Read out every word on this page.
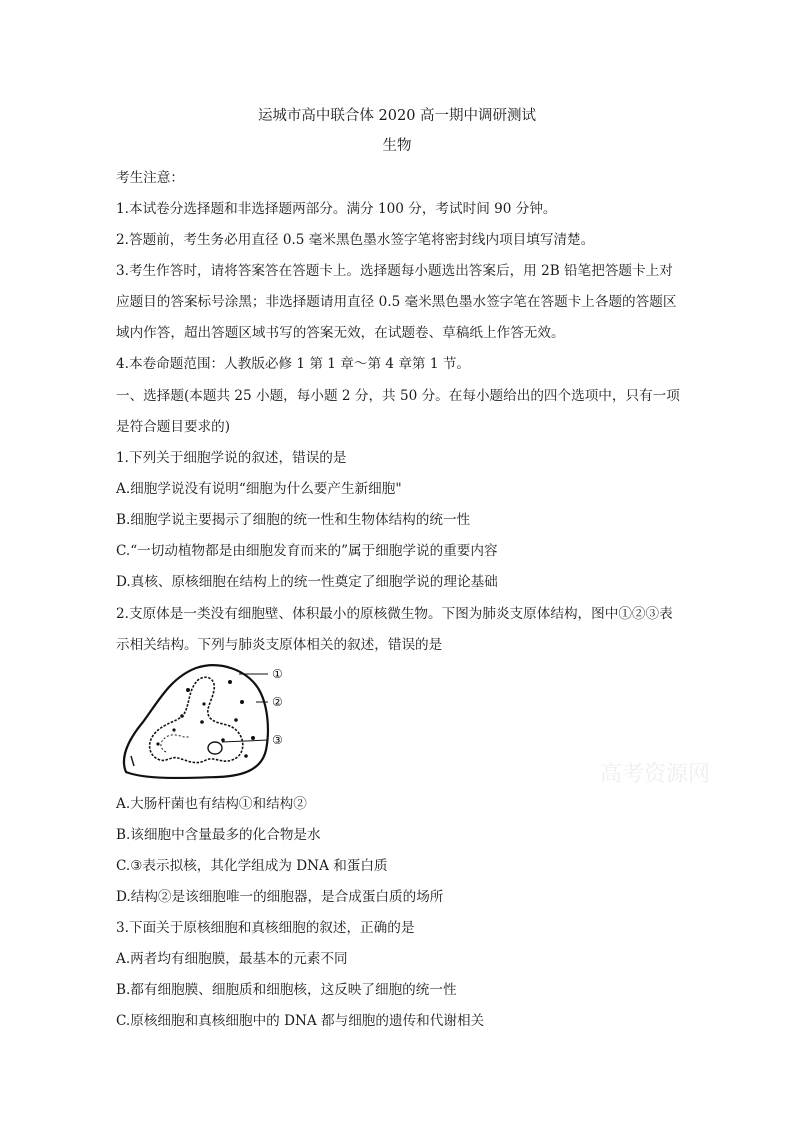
运城市高中联合体 2020 高一期中调研测试
生物
考生注意：
1.本试卷分选择题和非选择题两部分。满分 100 分，考试时间 90 分钟。
2.答题前，考生务必用直径 0.5 毫米黑色墨水签字笔将密封线内项目填写清楚。
3.考生作答时，请将答案答在答题卡上。选择题每小题选出答案后，用 2B 铅笔把答题卡上对
应题目的答案标号涂黑；非选择题请用直径 0.5 毫米黑色墨水签字笔在答题卡上各题的答题区
域内作答，超出答题区域书写的答案无效，在试题卷、草稿纸上作答无效。
4.本卷命题范围：人教版必修 1 第 1 章～第 4 章第 1 节。
一、选择题(本题共 25 小题，每小题 2 分，共 50 分。在每小题给出的四个选项中，只有一项
是符合题目要求的)
1.下列关于细胞学说的叙述，错误的是
A.细胞学说没有说明“细胞为什么要产生新细胞"
B.细胞学说主要揭示了细胞的统一性和生物体结构的统一性
C.“一切动植物都是由细胞发育而来的”属于细胞学说的重要内容
D.真核、原核细胞在结构上的统一性奠定了细胞学说的理论基础
2.支原体是一类没有细胞壁、体积最小的原核微生物。下图为肺炎支原体结构，图中①②③表
示相关结构。下列与肺炎支原体相关的叙述，错误的是
①
②
③
高考资源网
A.大肠杆菌也有结构①和结构②
B.该细胞中含量最多的化合物是水
C.③表示拟核，其化学组成为 DNA 和蛋白质
D.结构②是该细胞唯一的细胞器，是合成蛋白质的场所
3.下面关于原核细胞和真核细胞的叙述，正确的是
A.两者均有细胞膜，最基本的元素不同
B.都有细胞膜、细胞质和细胞核，这反映了细胞的统一性
C.原核细胞和真核细胞中的 DNA 都与细胞的遗传和代谢相关
